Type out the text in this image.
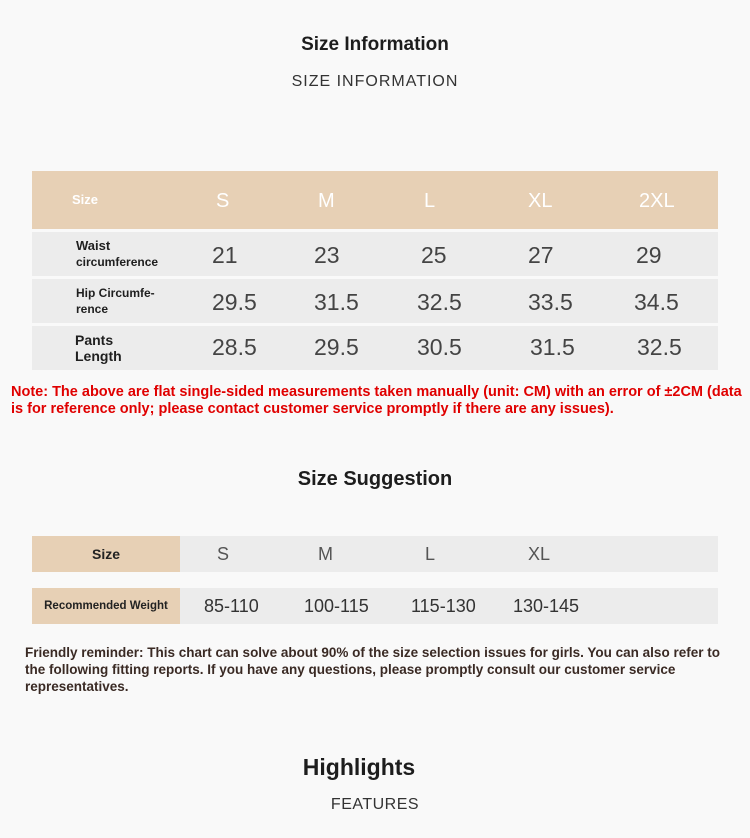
Size Information
SIZE INFORMATION
Size	S	M	L	XL	2XL
Waist
circumference	21	23	25	27	29
Hip Circumfe-
rence	29.5 31.5	32.5	33.5	34.5
Pants
Length	28.5 29.5	30.5	31.5	32.5
Note: The above are flat single-sided measurements taken manually (unit: CM) with an error of ±2CM (data is for reference only; please contact customer service promptly if there are any issues).
Size Suggestion
Size	S	M	L	XL
Recommended Weight	85-110	100-115 115-130 130-145
Friendly reminder: This chart can solve about 90% of the size selection issues for girls. You can also refer to the following fitting reports. If you have any questions, please promptly consult our customer service representatives.
Highlights
FEATURES
